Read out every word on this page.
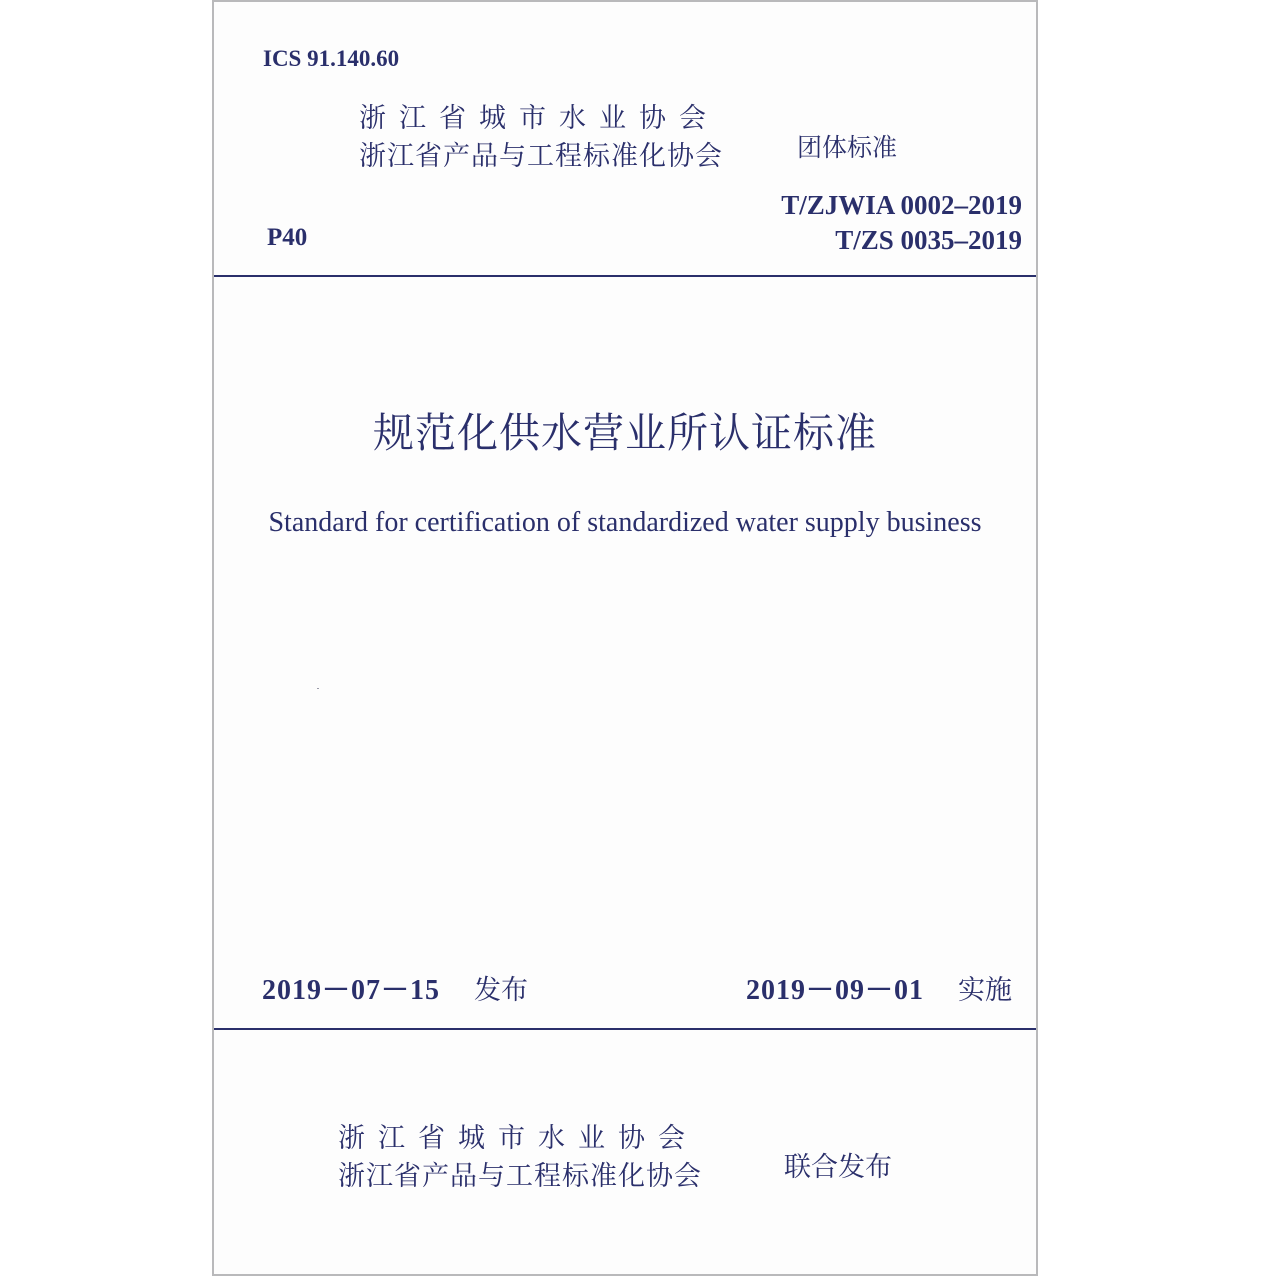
ICS 91.140.60
浙江省城市水业协会
浙江省产品与工程标准化协会	团体标准
P40
T/ZJWIA 0002–2019
T/ZS 0035–2019
规范化供水营业所认证标准
Standard for certification of standardized water supply business
2019－07－15 发布	2019－09－01 实施
浙江省城市水业协会
浙江省产品与工程标准化协会	联合发布
